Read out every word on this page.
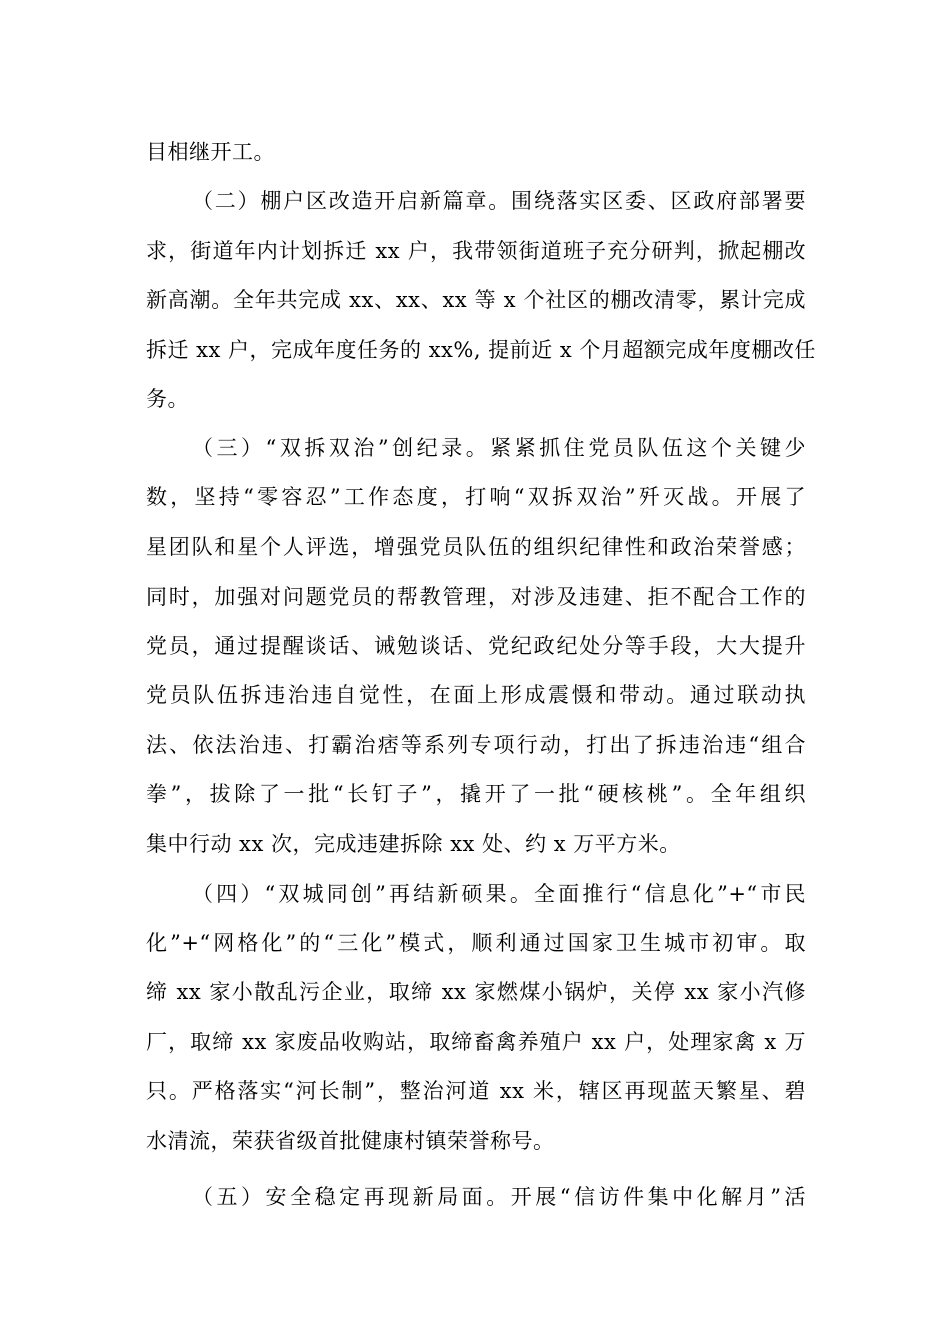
目相继开工。
（二）棚户区改造开启新篇章。围绕落实区委、区政府部署要
求，街道年内计划拆迁 xx 户，我带领街道班子充分研判，掀起棚改
新高潮。全年共完成 xx、xx、xx 等 x 个社区的棚改清零，累计完成
拆迁 xx 户，完成年度任务的 xx%, 提前近 x 个月超额完成年度棚改任
务。
（三）“双拆双治”创纪录。紧紧抓住党员队伍这个关键少
数，坚持“零容忍”工作态度，打响“双拆双治”歼灭战。开展了
星团队和星个人评选，增强党员队伍的组织纪律性和政治荣誉感；
同时，加强对问题党员的帮教管理，对涉及违建、拒不配合工作的
党员，通过提醒谈话、诫勉谈话、党纪政纪处分等手段，大大提升
党员队伍拆违治违自觉性，在面上形成震慑和带动。通过联动执
法、依法治违、打霸治痞等系列专项行动，打出了拆违治违“组合
拳”，拔除了一批“长钉子”，撬开了一批“硬核桃”。全年组织
集中行动 xx 次，完成违建拆除 xx 处、约 x 万平方米。
（四）“双城同创”再结新硕果。全面推行“信息化”+“市民
化”+“网格化”的“三化”模式，顺利通过国家卫生城市初审。取
缔 xx 家小散乱污企业，取缔 xx 家燃煤小锅炉，关停 xx 家小汽修
厂，取缔 xx 家废品收购站，取缔畜禽养殖户 xx 户，处理家禽 x 万
只。严格落实“河长制”，整治河道 xx 米，辖区再现蓝天繁星、碧
水清流，荣获省级首批健康村镇荣誉称号。
（五）安全稳定再现新局面。开展“信访件集中化解月”活
